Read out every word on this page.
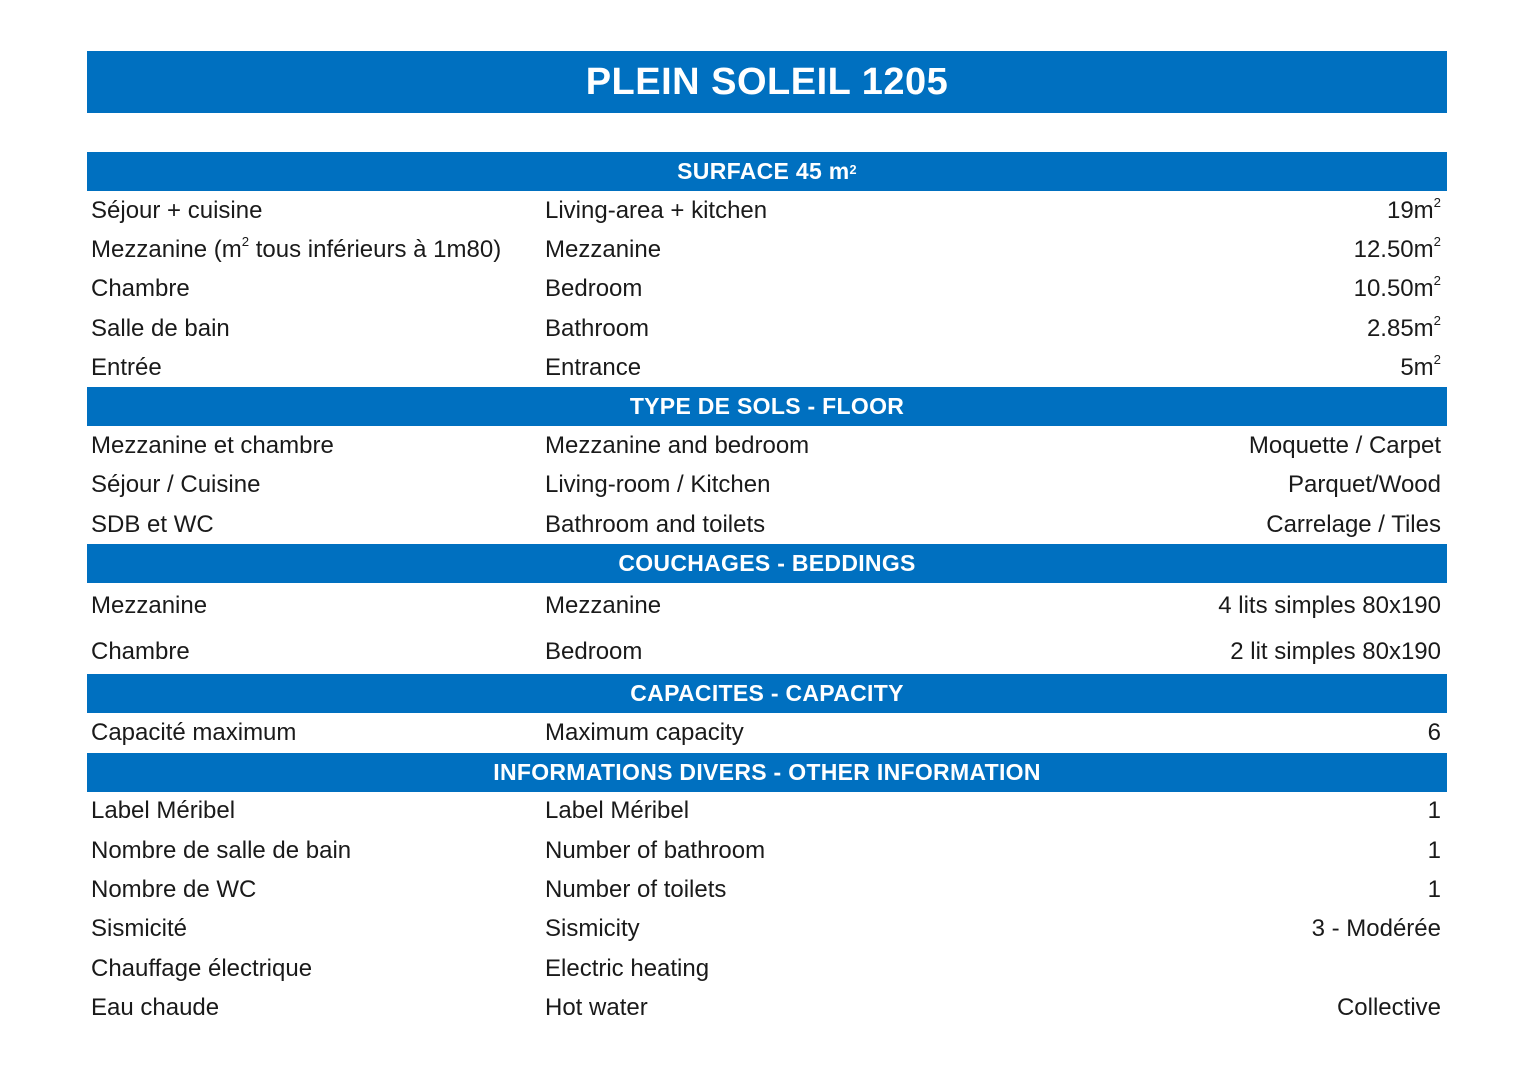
PLEIN SOLEIL 1205
SURFACE 45 $m^2$
Séjour + cuisine	Living-area + kitchen	$19m^2$
Mezzanine ($m^2$ tous inférieurs à 1m80)	Mezzanine	$12.50m^2$
Chambre	Bedroom	$10.50m^2$
Salle de bain	Bathroom	$2.85m^2$
Entrée	Entrance	$5m^2$
TYPE DE SOLS - FLOOR
Mezzanine et chambre	Mezzanine and bedroom	Moquette / Carpet
Séjour / Cuisine	Living-room / Kitchen	Parquet/Wood
SDB et WC	Bathroom and toilets	Carrelage / Tiles
COUCHAGES - BEDDINGS
Mezzanine	Mezzanine	4 lits simples 80x190
Chambre	Bedroom	2 lit simples 80x190
CAPACITES - CAPACITY
Capacité maximum	Maximum capacity	6
INFORMATIONS DIVERS - OTHER INFORMATION
Label Méribel	Label Méribel	1
Nombre de salle de bain	Number of bathroom	1
Nombre de WC	Number of toilets	1
Sismicité	Sismicity	3 - Modérée
Chauffage électrique	Electric heating
Eau chaude	Hot water	Collective
